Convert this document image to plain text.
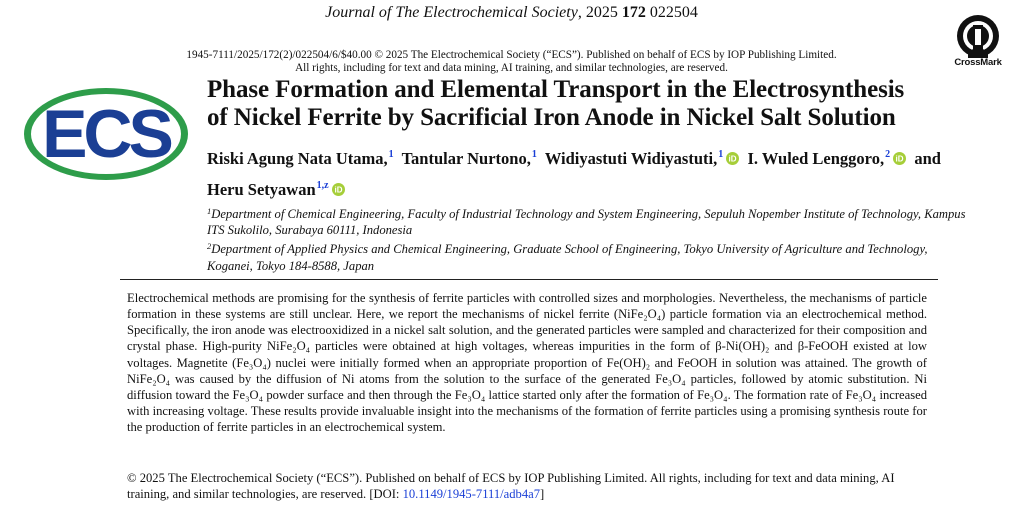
Journal of The Electrochemical Society, 2025 172 022504
1945-7111/2025/172(2)/022504/6/$40.00 © 2025 The Electrochemical Society (“ECS”). Published on behalf of ECS by IOP Publishing Limited.
All rights, including for text and data mining, AI training, and similar technologies, are reserved.	CrossMark
ECS
Phase Formation and Elemental Transport in the Electrosynthesis
of Nickel Ferrite by Sacrificial Iron Anode in Nickel Salt Solution
Riski Agung Nata Utama,$^1$ Tantular Nurtono,$^1$ Widiyastuti Widiyastuti,$^1$ iD I. Wuled Lenggoro,$^2$ iD and Heru Setyawan$^{1,z}$ iD
$^1$Department of Chemical Engineering, Faculty of Industrial Technology and System Engineering, Sepuluh Nopember Institute of Technology, Kampus ITS Sukolilo, Surabaya 60111, Indonesia
$^2$Department of Applied Physics and Chemical Engineering, Graduate School of Engineering, Tokyo University of Agriculture and Technology, Koganei, Tokyo 184-8588, Japan
Electrochemical methods are promising for the synthesis of ferrite particles with controlled sizes and morphologies. Nevertheless, the mechanisms of particle formation in these systems are still unclear. Here, we report the mechanisms of nickel ferrite (NiFe₂O₄) particle formation via an electrochemical method. Specifically, the iron anode was electrooxidized in a nickel salt solution, and the generated particles were sampled and characterized for their composition and crystal phase. High-purity NiFe₂O₄ particles were obtained at high voltages, whereas impurities in the form of β-Ni(OH)₂ and β-FeOOH existed at low voltages. Magnetite (Fe₃O₄) nuclei were initially formed when an appropriate proportion of Fe(OH)₂ and FeOOH in solution was attained. The growth of NiFe₂O₄ was caused by the diffusion of Ni atoms from the solution to the surface of the generated Fe₃O₄ particles, followed by atomic substitution. Ni diffusion toward the Fe₃O₄ powder surface and then through the Fe₃O₄ lattice started only after the formation of Fe₃O₄. The formation rate of Fe₃O₄ increased with increasing voltage. These results provide invaluable insight into the mechanisms of the formation of ferrite particles using a promising synthesis route for the production of ferrite particles in an electrochemical system.
© 2025 The Electrochemical Society (“ECS”). Published on behalf of ECS by IOP Publishing Limited. All rights, including for text and data mining, AI training, and similar technologies, are reserved. [DOI: 10.1149/1945-7111/adb4a7]
